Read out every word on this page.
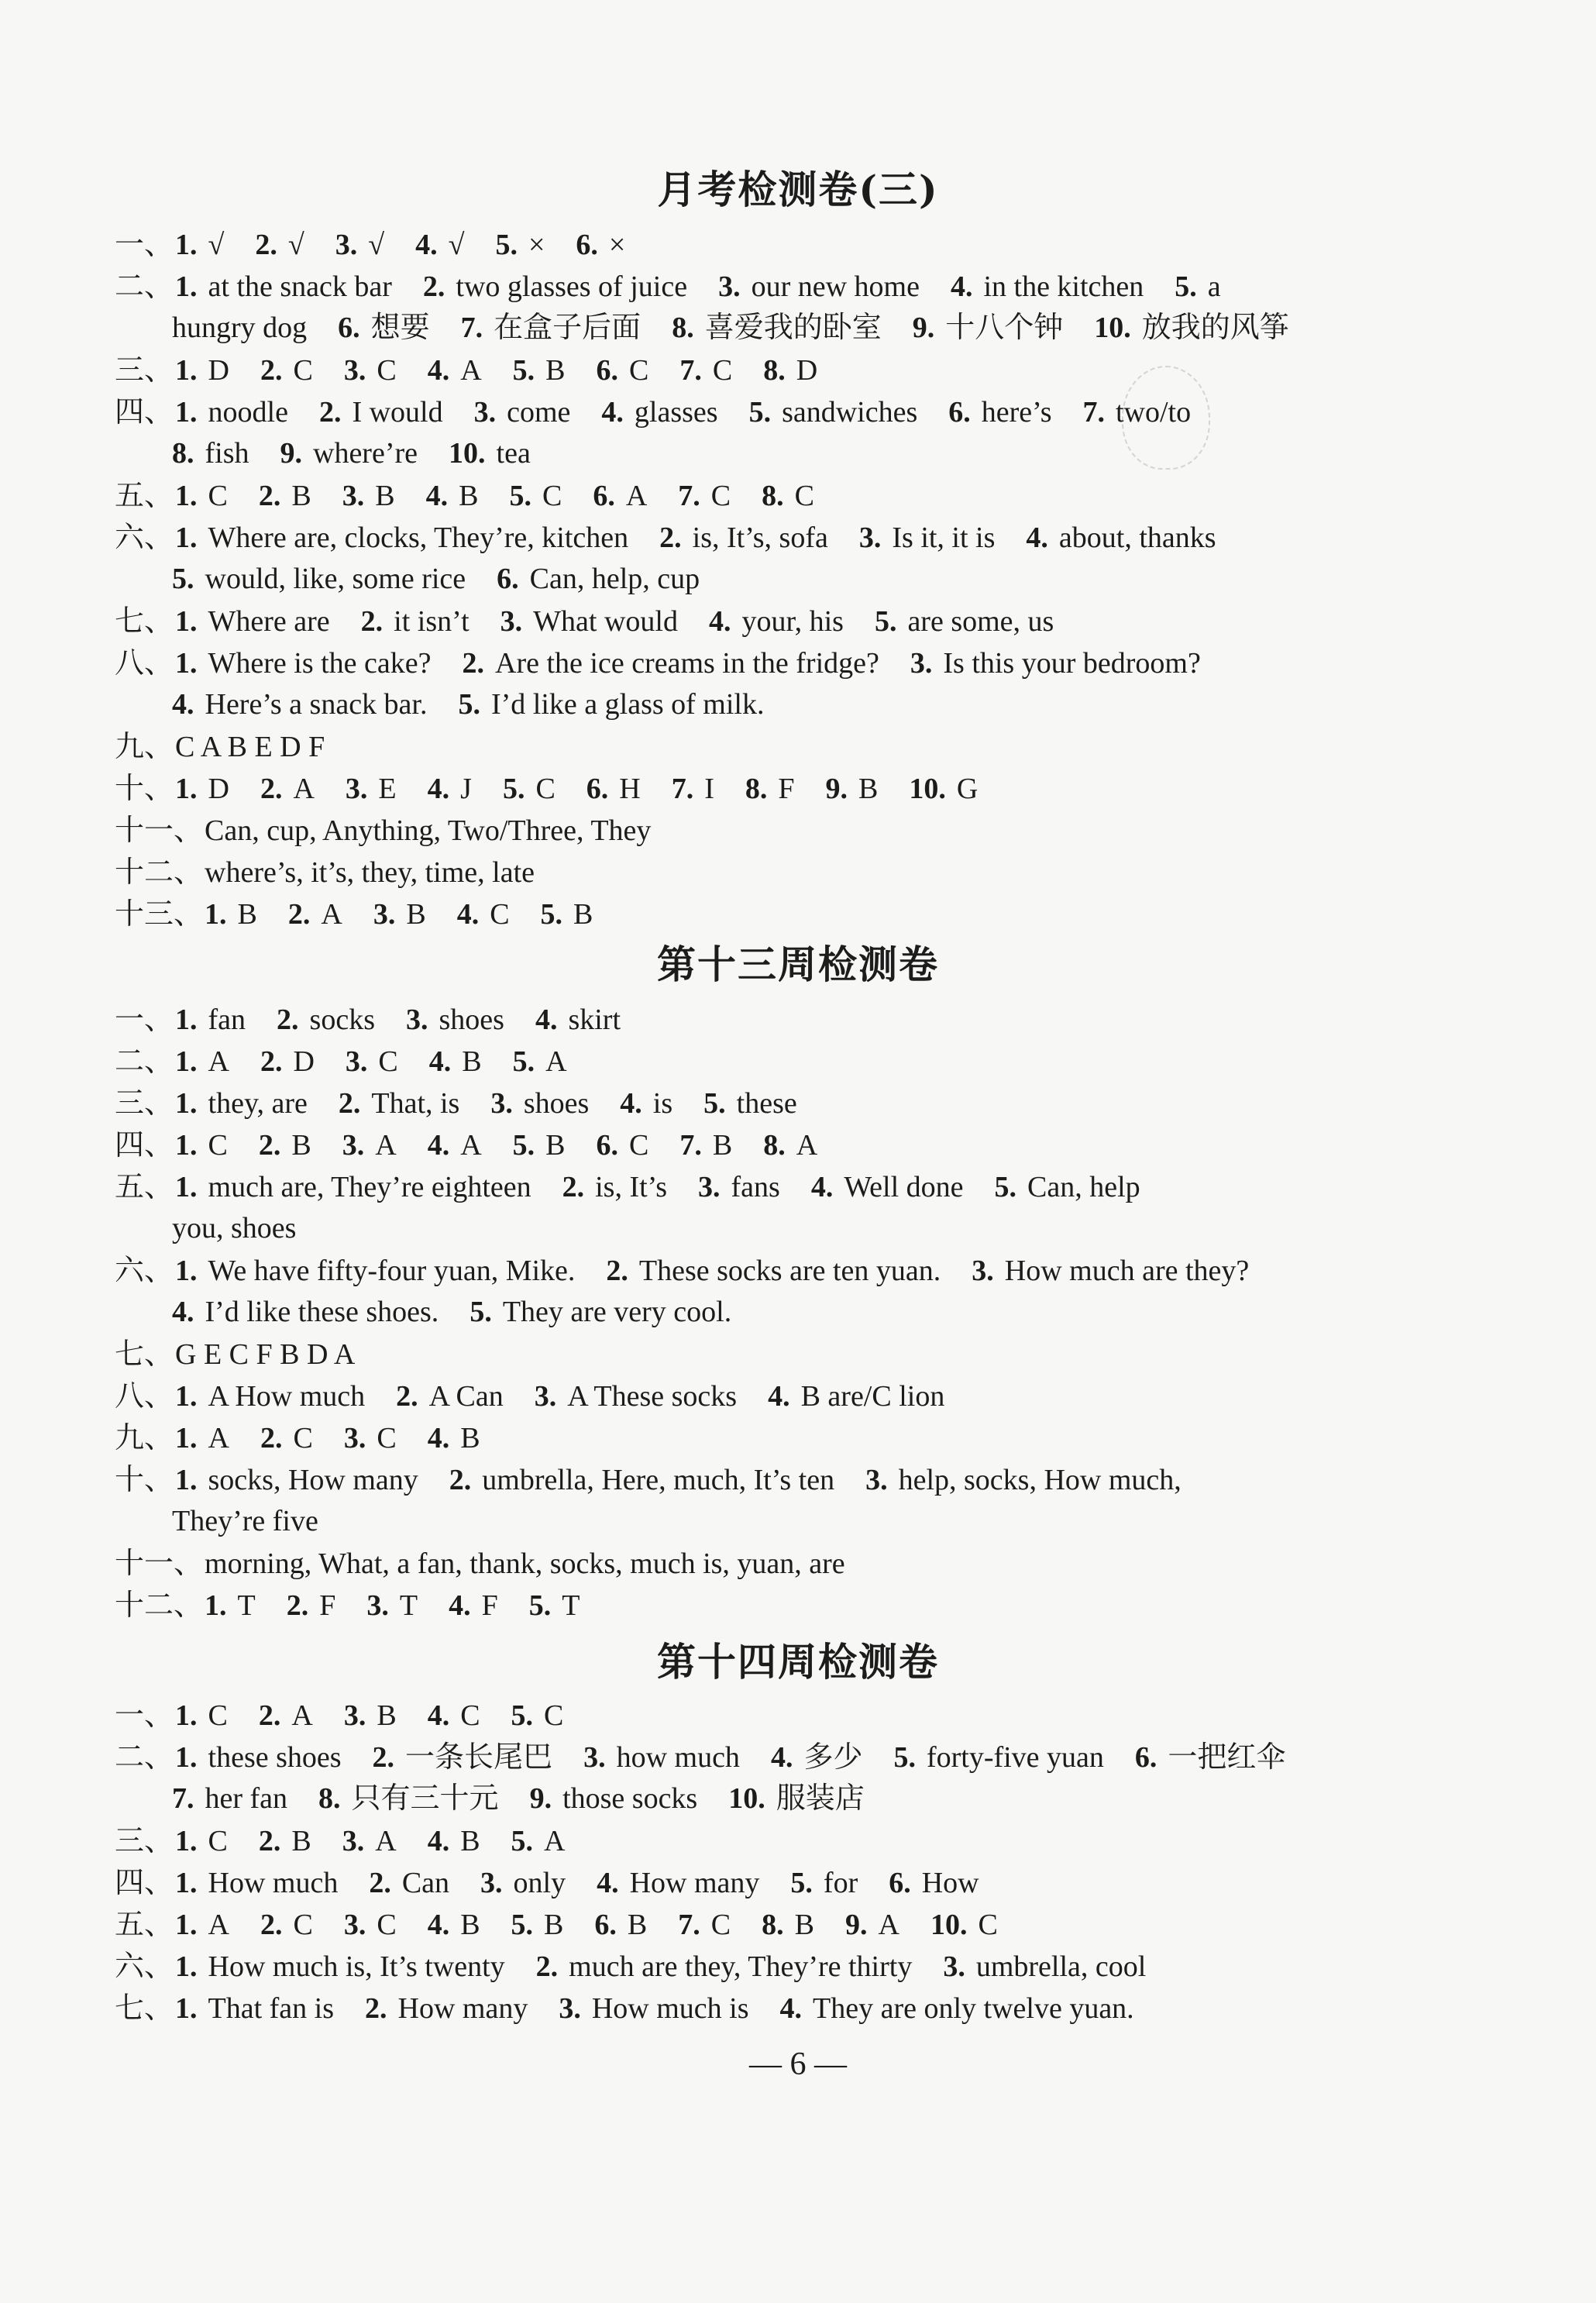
— 6 —
月考检测卷(三)
一、1. √ 2. √ 3. √ 4. √ 5. × 6. ×
二、1. at the snack bar 2. two glasses of juice 3. our new home 4. in the kitchen 5. a
hungry dog 6. 想要 7. 在盒子后面 8. 喜爱我的卧室 9. 十八个钟 10. 放我的风筝
三、1. D 2. C 3. C 4. A 5. B 6. C 7. C 8. D
四、1. noodle 2. I would 3. come 4. glasses 5. sandwiches 6. here’s 7. two/to
8. fish 9. where’re 10. tea
五、1. C 2. B 3. B 4. B 5. C 6. A 7. C 8. C
六、1. Where are, clocks, They’re, kitchen 2. is, It’s, sofa 3. Is it, it is 4. about, thanks
5. would, like, some rice 6. Can, help, cup
七、1. Where are 2. it isn’t 3. What would 4. your, his 5. are some, us
八、1. Where is the cake? 2. Are the ice creams in the fridge? 3. Is this your bedroom?
4. Here’s a snack bar. 5. I’d like a glass of milk.
九、C A B E D F
十、1. D 2. A 3. E 4. J 5. C 6. H 7. I 8. F 9. B 10. G
十一、Can, cup, Anything, Two/Three, They
十二、where’s, it’s, they, time, late
十三、1. B 2. A 3. B 4. C 5. B
第十三周检测卷
一、1. fan 2. socks 3. shoes 4. skirt
二、1. A 2. D 3. C 4. B 5. A
三、1. they, are 2. That, is 3. shoes 4. is 5. these
四、1. C 2. B 3. A 4. A 5. B 6. C 7. B 8. A
五、1. much are, They’re eighteen 2. is, It’s 3. fans 4. Well done 5. Can, help
you, shoes
六、1. We have fifty-four yuan, Mike. 2. These socks are ten yuan. 3. How much are they?
4. I’d like these shoes. 5. They are very cool.
七、G E C F B D A
八、1. A How much 2. A Can 3. A These socks 4. B are/C lion
九、1. A 2. C 3. C 4. B
十、1. socks, How many 2. umbrella, Here, much, It’s ten 3. help, socks, How much,
They’re five
十一、morning, What, a fan, thank, socks, much is, yuan, are
十二、1. T 2. F 3. T 4. F 5. T
第十四周检测卷
一、1. C 2. A 3. B 4. C 5. C
二、1. these shoes 2. 一条长尾巴 3. how much 4. 多少 5. forty-five yuan 6. 一把红伞
7. her fan 8. 只有三十元 9. those socks 10. 服装店
三、1. C 2. B 3. A 4. B 5. A
四、1. How much 2. Can 3. only 4. How many 5. for 6. How
五、1. A 2. C 3. C 4. B 5. B 6. B 7. C 8. B 9. A 10. C
六、1. How much is, It’s twenty 2. much are they, They’re thirty 3. umbrella, cool
七、1. That fan is 2. How many 3. How much is 4. They are only twelve yuan.
